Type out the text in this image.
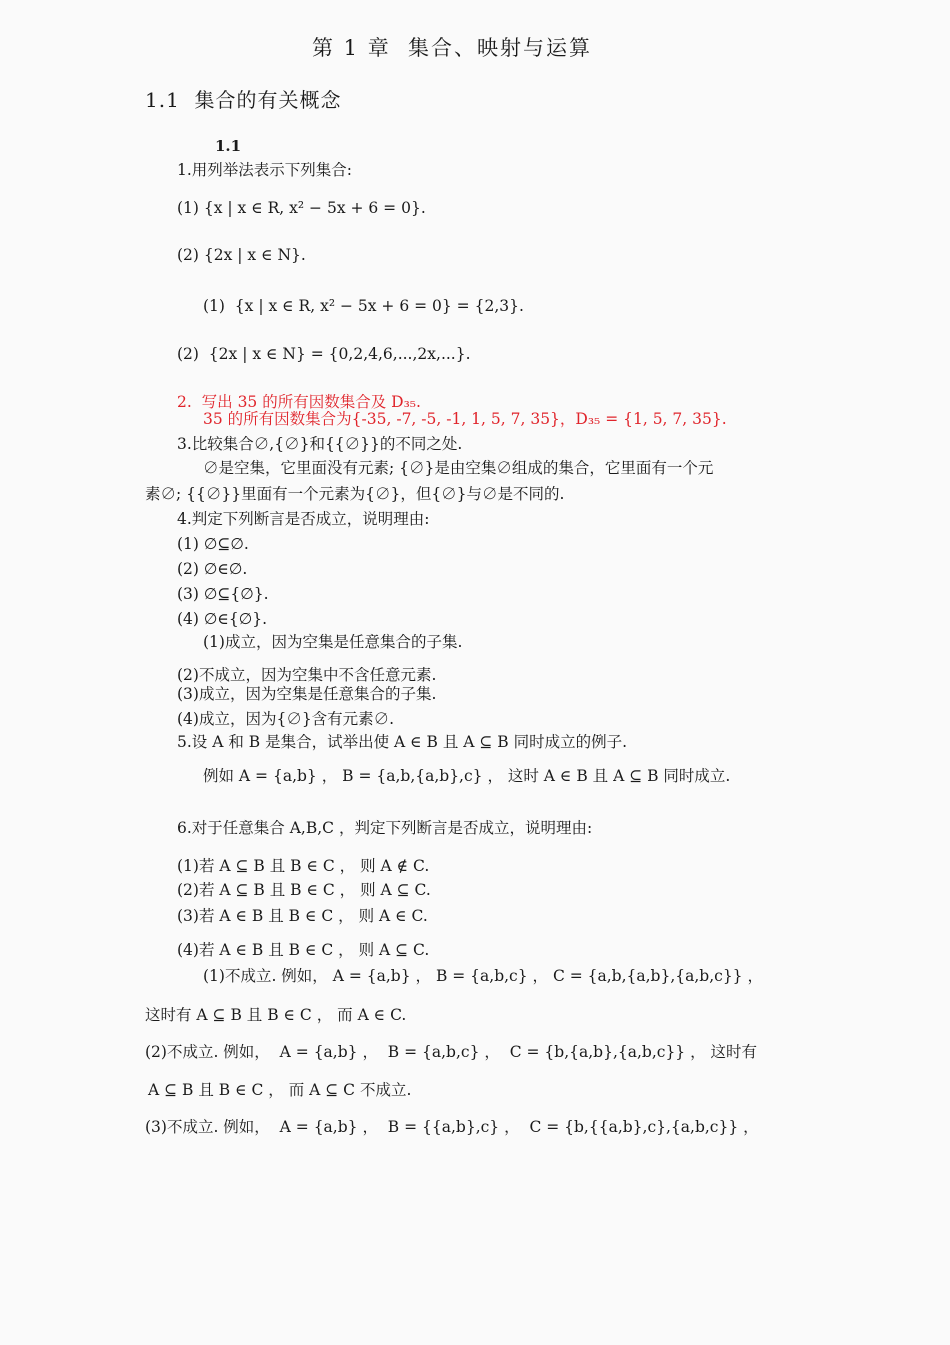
第 1 章  集合、映射与运算
1.1  集合的有关概念
1.1
1.用列举法表示下列集合:
(1) {x | x ∈ R, x² − 5x + 6 = 0}.
(2) {2x | x ∈ N}.
(1)  {x | x ∈ R, x² − 5x + 6 = 0} = {2,3}.
(2)  {2x | x ∈ N} = {0,2,4,6,...,2x,...}.
2.  写出 35 的所有因数集合及 D₃₅.
35 的所有因数集合为{-35, -7, -5, -1, 1, 5, 7, 35}，D₃₅ = {1, 5, 7, 35}.
3.比较集合∅,{∅}和{{∅}}的不同之处.
∅是空集，它里面没有元素; {∅}是由空集∅组成的集合，它里面有一个元
素∅; {{∅}}里面有一个元素为{∅}，但{∅}与∅是不同的.
4.判定下列断言是否成立，说明理由:
(1) ∅⊆∅.
(2) ∅∈∅.
(3) ∅⊆{∅}.
(4) ∅∈{∅}.
(1)成立，因为空集是任意集合的子集.
(2)不成立，因为空集中不含任意元素.
(3)成立，因为空集是任意集合的子集.
(4)成立，因为{∅}含有元素∅.
5.设 A 和 B 是集合，试举出使 A ∈ B 且 A ⊆ B 同时成立的例子.
例如 A = {a,b} ， B = {a,b,{a,b},c} ， 这时 A ∈ B 且 A ⊆ B 同时成立.
6.对于任意集合 A,B,C ，判定下列断言是否成立，说明理由:
(1)若 A ⊆ B 且 B ∈ C ， 则 A ∉ C.
(2)若 A ⊆ B 且 B ∈ C ， 则 A ⊆ C.
(3)若 A ∈ B 且 B ∈ C ， 则 A ∈ C.
(4)若 A ∈ B 且 B ∈ C ， 则 A ⊆ C.
(1)不成立. 例如， A = {a,b} ， B = {a,b,c} ， C = {a,b,{a,b},{a,b,c}} ，
这时有 A ⊆ B 且 B ∈ C ， 而 A ∈ C.
(2)不成立. 例如，  A = {a,b} ，  B = {a,b,c} ，  C = {b,{a,b},{a,b,c}} ， 这时有
A ⊆ B 且 B ∈ C ， 而 A ⊆ C 不成立.
(3)不成立. 例如，  A = {a,b} ，  B = {{a,b},c} ，  C = {b,{{a,b},c},{a,b,c}} ，
